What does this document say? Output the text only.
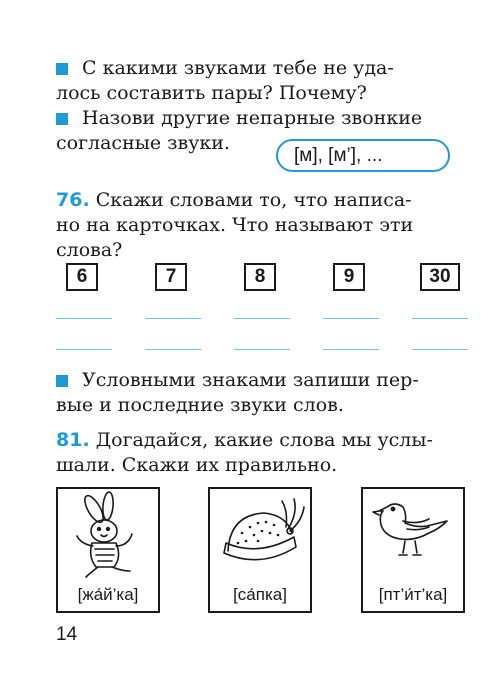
С какими звуками тебе не уда-
лось составить пары? Почему?
Назови другие непарные звонкие
согласные звуки.
[м], [м’], ...
76. Скажи словами то, что написа-
но на карточках. Что называют эти
слова?
6	7	8	9	30
Условными знаками запиши пер-
вые и последние звуки слов.
81. Догадайся, какие слова мы услы-
шали. Скажи их правильно.
[жа́й’ка]	[са́пка]	[пт’и́т’ка]
14
